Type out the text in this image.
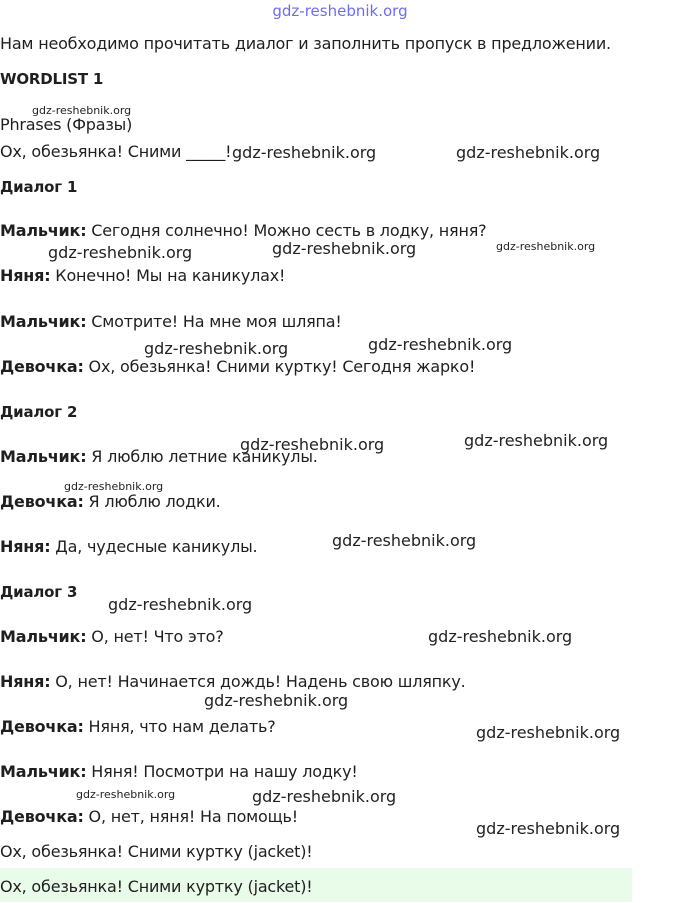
gdz-reshebnik.org
Нам необходимо прочитать диалог и заполнить пропуск в предложении.
WORDLIST 1
Phrases (Фразы)
Ох, обезьянка! Сними _____!
Диалог 1
Мальчик: Сегодня солнечно! Можно сесть в лодку, няня?
Няня: Конечно! Мы на каникулах!
Мальчик: Смотрите! На мне моя шляпа!
Девочка: Ох, обезьянка! Сними куртку! Сегодня жарко!
Диалог 2
Мальчик: Я люблю летние каникулы.
Девочка: Я люблю лодки.
Няня: Да, чудесные каникулы.
Диалог 3
Мальчик: О, нет! Что это?
Няня: О, нет! Начинается дождь! Надень свою шляпку.
Девочка: Няня, что нам делать?
Мальчик: Няня! Посмотри на нашу лодку!
Девочка: О, нет, няня! На помощь!
Ох, обезьянка! Сними куртку (jacket)!
Ох, обезьянка! Сними куртку (jacket)!
gdz-reshebnik.org
gdz-reshebnik.org	gdz-reshebnik.org
gdz-reshebnik.org	gdz-reshebnik.org	gdz-reshebnik.org
gdz-reshebnik.org	gdz-reshebnik.org
gdz-reshebnik.org	gdz-reshebnik.org
gdz-reshebnik.org
gdz-reshebnik.org
gdz-reshebnik.org
gdz-reshebnik.org
gdz-reshebnik.org
gdz-reshebnik.org
gdz-reshebnik.org	gdz-reshebnik.org
gdz-reshebnik.org
